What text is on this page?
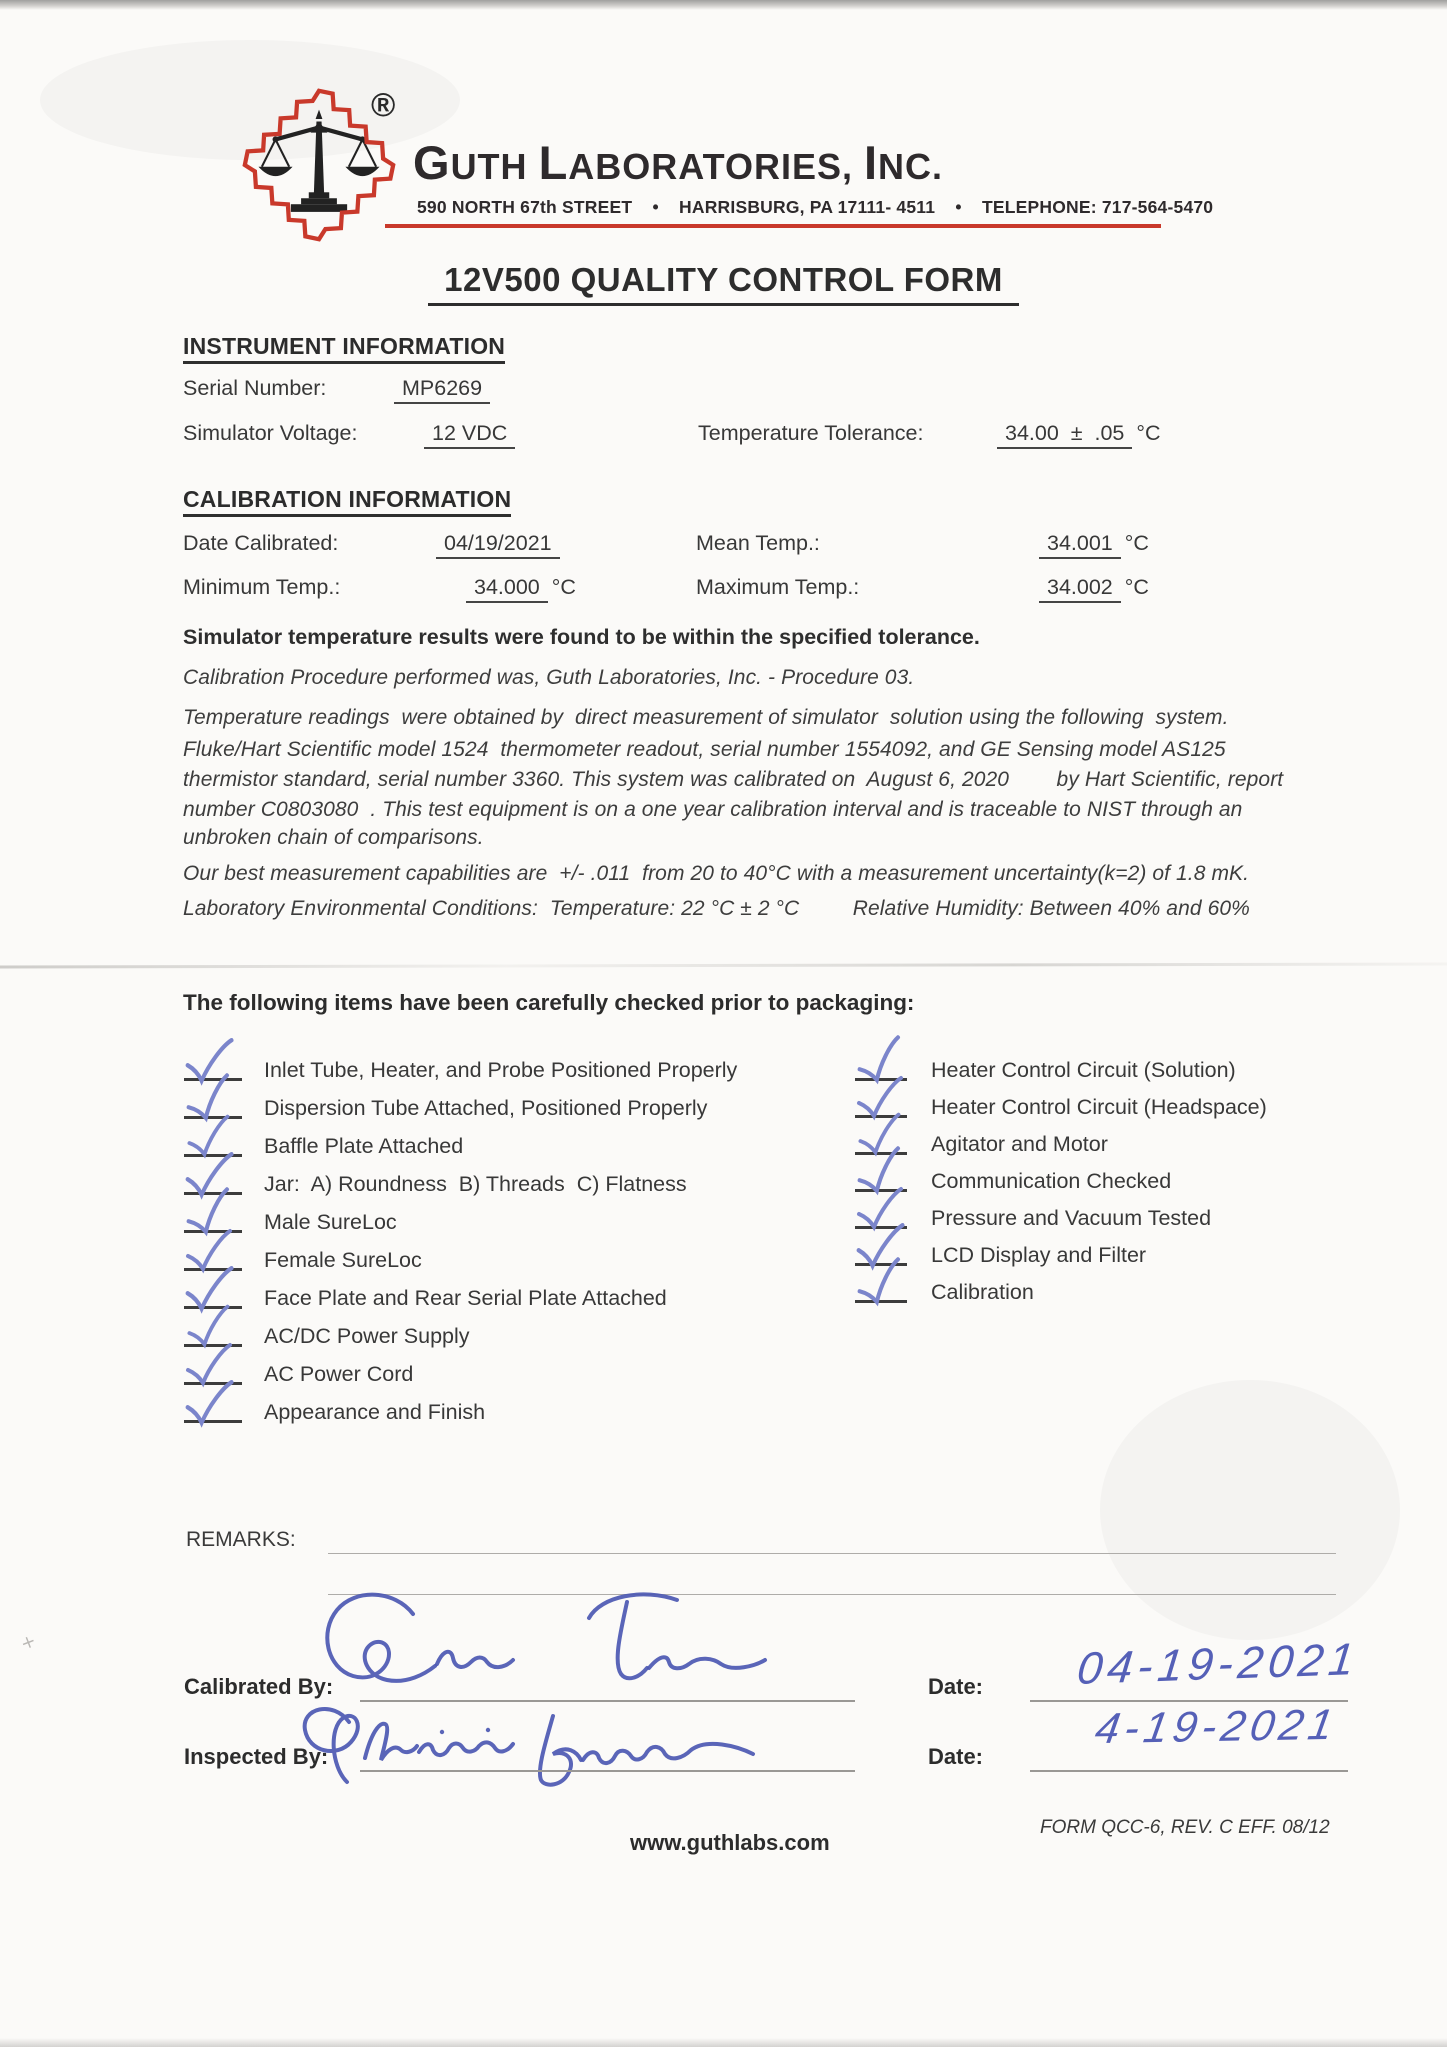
×
®
GUTH LABORATORIES, INC.
590 NORTH 67th STREET    •    HARRISBURG, PA 17111- 4511    •    TELEPHONE: 717-564-5470
12V500 QUALITY CONTROL FORM
INSTRUMENT INFORMATION
Serial Number:	MP6269
Simulator Voltage:	12 VDC	Temperature Tolerance:	34.00  ±  .05 °C
CALIBRATION INFORMATION
Date Calibrated:	04/19/2021	Mean Temp.:	34.001 °C
Minimum Temp.:	34.000 °C	Maximum Temp.:	34.002 °C
Simulator temperature results were found to be within the specified tolerance.
Calibration Procedure performed was, Guth Laboratories, Inc. - Procedure 03.
Temperature readings  were obtained by  direct measurement of simulator  solution using the following  system.
Fluke/Hart Scientific model 1524  thermometer readout, serial number 1554092, and GE Sensing model AS125
thermistor standard, serial number 3360. This system was calibrated on  August 6, 2020        by Hart Scientific, report
number C0803080  . This test equipment is on a one year calibration interval and is traceable to NIST through an
unbroken chain of comparisons.
Our best measurement capabilities are  +/- .011  from 20 to 40°C with a measurement uncertainty(k=2) of 1.8 mK.
Laboratory Environmental Conditions:  Temperature: 22 °C ± 2 °C         Relative Humidity: Between 40% and 60%
The following items have been carefully checked prior to packaging:
Inlet Tube, Heater, and Probe Positioned Properly
Dispersion Tube Attached, Positioned Properly
Baffle Plate Attached
Jar:  A) Roundness  B) Threads  C) Flatness
Male SureLoc
Female SureLoc
Face Plate and Rear Serial Plate Attached
AC/DC Power Supply
AC Power Cord
Appearance and Finish
Heater Control Circuit (Solution)
Heater Control Circuit (Headspace)
Agitator and Motor
Communication Checked
Pressure and Vacuum Tested
LCD Display and Filter
Calibration
REMARKS:
Calibrated By:	Date: 04-19-2021
Inspected By:	Date:
4-19-2021
www.guthlabs.com
FORM QCC-6, REV. C EFF. 08/12
